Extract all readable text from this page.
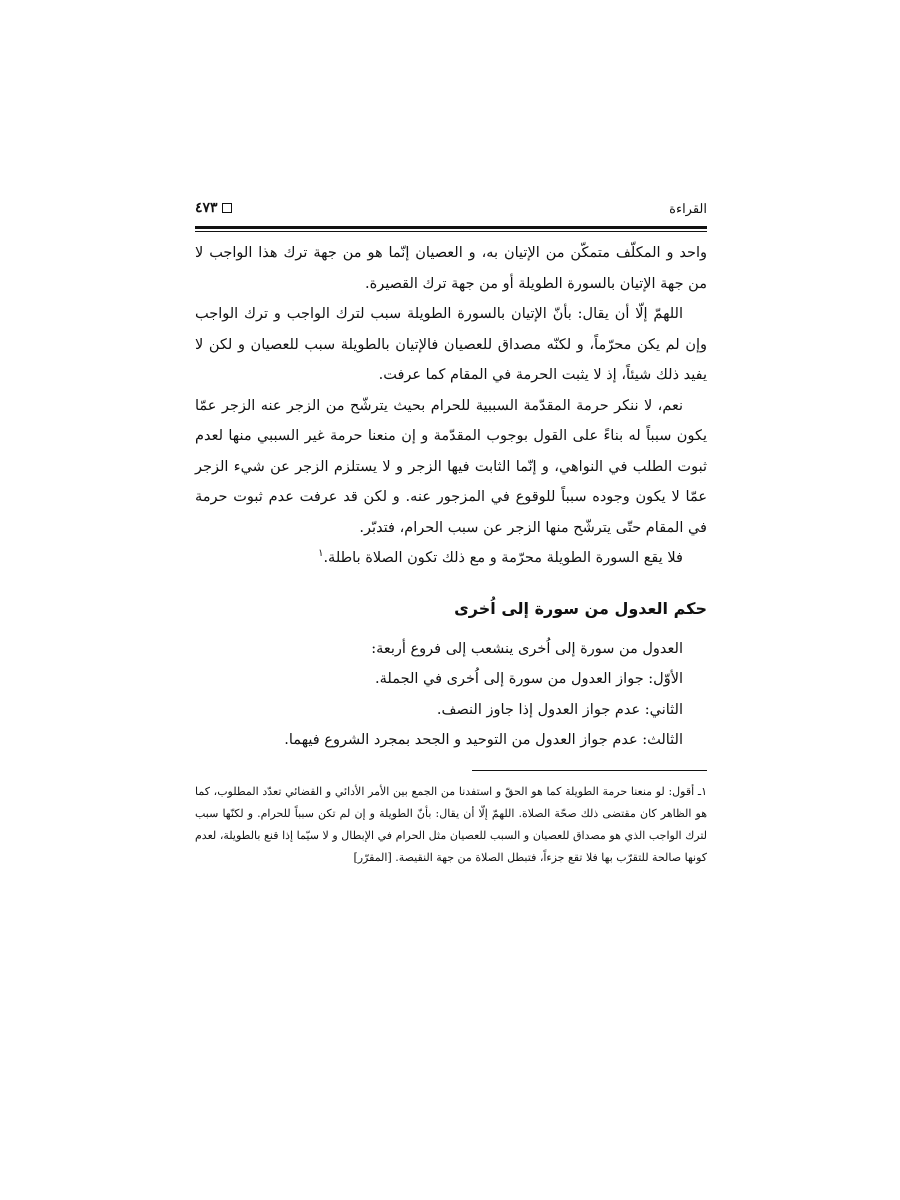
القراءة
٤٧٣

واحد و المكلّف متمكّن من الإتيان به، و العصيان إنّما هو من جهة ترك هذا الواجب لا من جهة الإتيان بالسورة الطويلة أو من جهة ترك القصيرة.

اللهمّ إلّا أن يقال: بأنّ الإتيان بالسورة الطويلة سبب لترك الواجب و ترك الواجب وإن لم يكن محرّماً، و لكنّه مصداق للعصيان فالإتيان بالطويلة سبب للعصيان و لكن لا يفيد ذلك شيئاً، إذ لا يثبت الحرمة في المقام كما عرفت.

نعم، لا ننكر حرمة المقدّمة السببية للحرام بحيث يترشّح من الزجر عنه الزجر عمّا يكون سبباً له بناءً على القول بوجوب المقدّمة و إن منعنا حرمة غير السببي منها لعدم ثبوت الطلب في النواهي، و إنّما الثابت فيها الزجر و لا يستلزم الزجر عن شيء الزجر عمّا لا يكون وجوده سبباً للوقوع في المزجور عنه. و لكن قد عرفت عدم ثبوت حرمة في المقام حتّى يترشّح منها الزجر عن سبب الحرام، فتدبّر.

فلا يقع السورة الطويلة محرّمة و مع ذلك تكون الصلاة باطلة.$^١$

حكم العدول من سورة إلى اُخرى

العدول من سورة إلى اُخرى ينشعب إلى فروع أربعة:

الأوّل: جواز العدول من سورة إلى اُخرى في الجملة.

الثاني: عدم جواز العدول إذا جاوز النصف.

الثالث: عدم جواز العدول من التوحيد و الجحد بمجرد الشروع فيهما.

١ـ أقول: لو منعنا حرمة الطويلة كما هو الحقّ و استفدنا من الجمع بين الأمر الأدائي و القضائي تعدّد المطلوب، كما هو الظاهر كان مقتضى ذلك صحّة الصلاة. اللهمّ إلّا أن يقال: بأنّ الطويلة و إن لم تكن سبباً للحرام. و لكنّها سبب لترك الواجب الذي هو مصداق للعصيان و السبب للعصيان مثل الحرام في الإبطال و لا سيّما إذا قنع بالطويلة، لعدم كونها صالحة للتقرّب بها فلا تقع جزءاً، فتبطل الصلاة من جهة النقيصة. [المقرّر]
